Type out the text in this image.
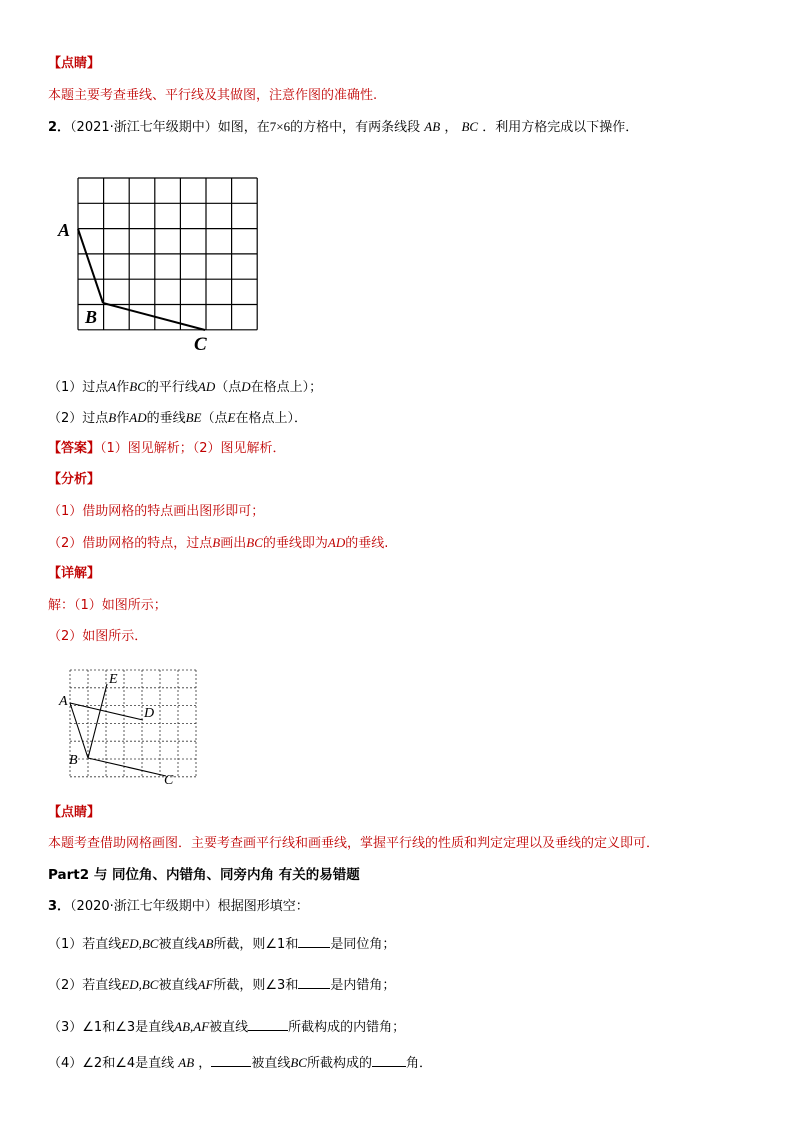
【点睛】
本题主要考查垂线、平行线及其做图，注意作图的准确性.
2．（2021·浙江七年级期中）如图，在7×6的方格中，有两条线段 AB ， BC ．利用方格完成以下操作．
A
B
C
（1）过点A作BC的平行线AD（点D在格点上）；
（2）过点B作AD的垂线BE（点E在格点上）．
【答案】（1）图见解析；（2）图见解析．
【分析】
（1）借助网格的特点画出图形即可；
（2）借助网格的特点，过点B画出BC的垂线即为AD的垂线.
【详解】
解：（1）如图所示；
（2）如图所示．
A
B
C
D
E
【点睛】
本题考查借助网格画图．主要考查画平行线和画垂线，掌握平行线的性质和判定定理以及垂线的定义即可．
Part2 与 同位角、内错角、同旁内角 有关的易错题
3．（2020·浙江七年级期中）根据图形填空：
（1）若直线ED,BC被直线AB所截，则∠1和 是同位角；
（2）若直线ED,BC被直线AF所截，则∠3和 是内错角；
（3）∠1和∠3是直线AB,AF被直线	所截构成的内错角；
（4）∠2和∠4是直线 AB ，	被直线BC所截构成的	角．
